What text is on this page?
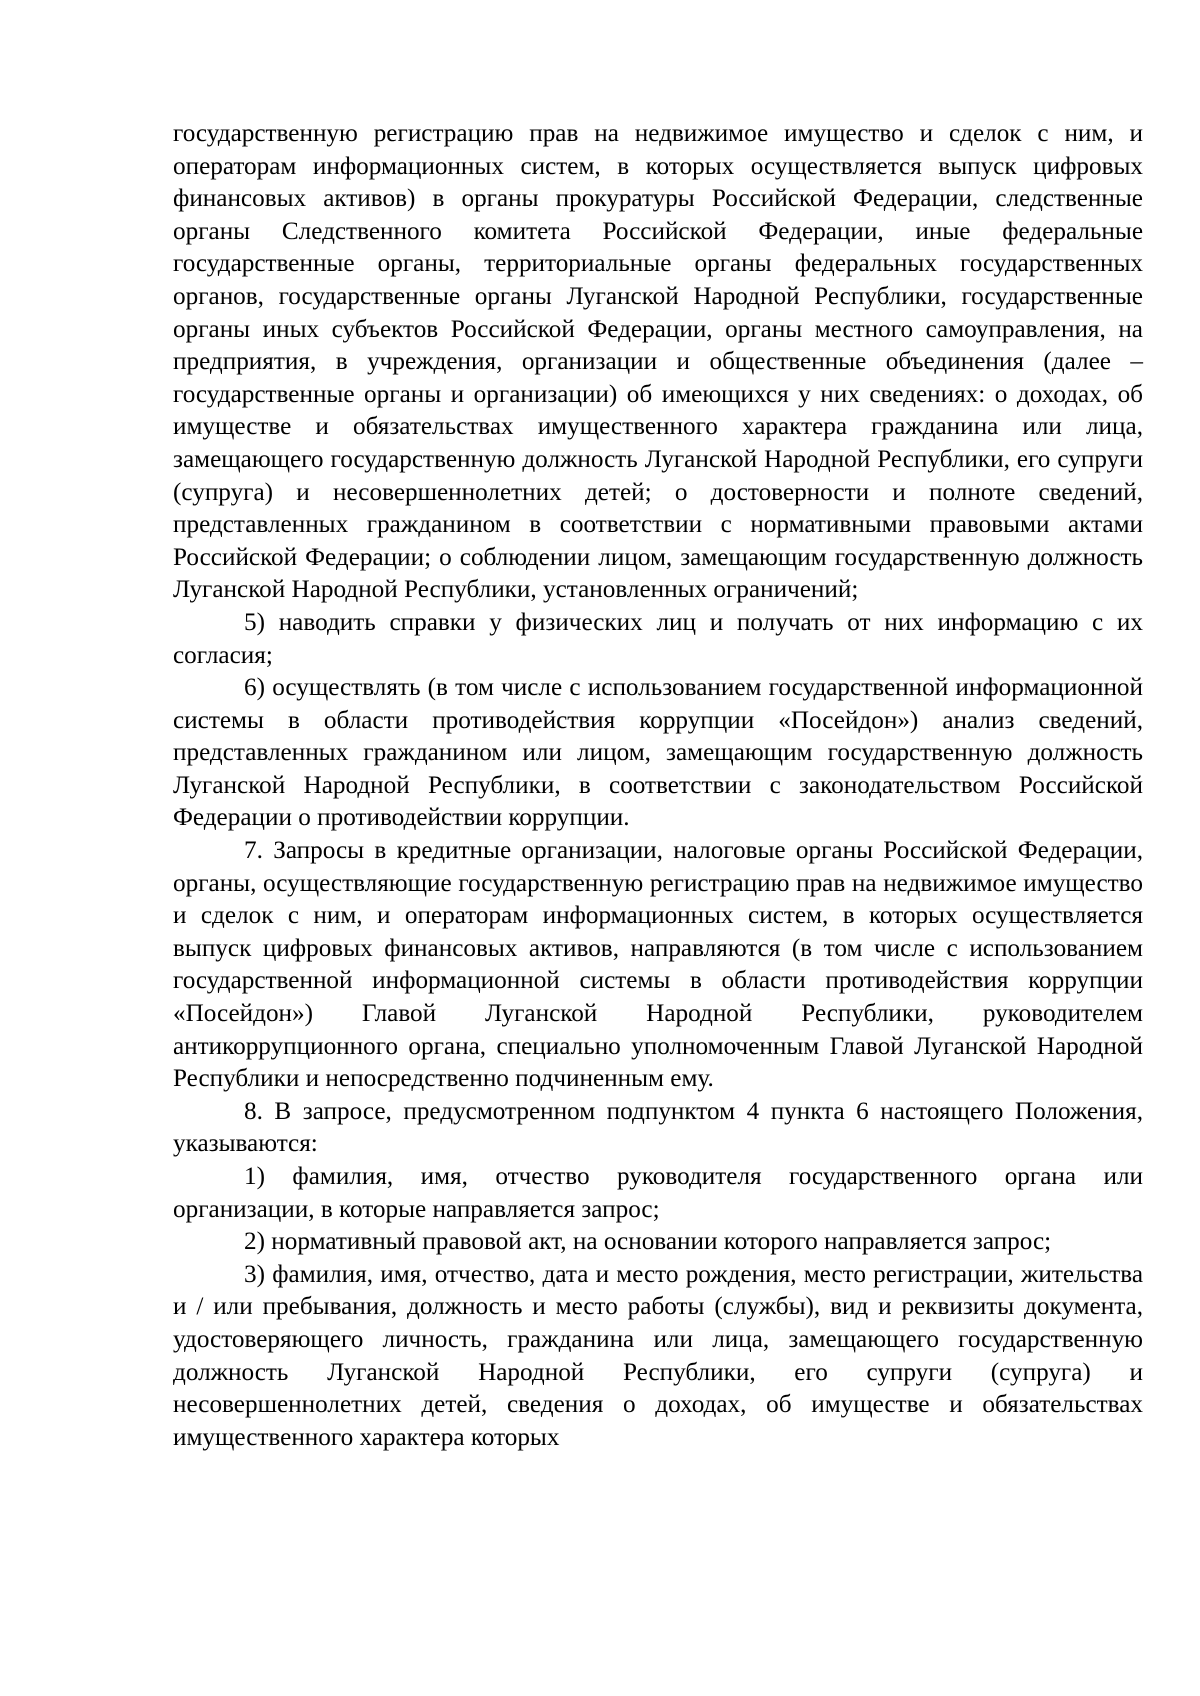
государственную регистрацию прав на недвижимое имущество и сделок с ним, и операторам информационных систем, в которых осуществляется выпуск цифровых финансовых активов) в органы прокуратуры Российской Федерации, следственные органы Следственного комитета Российской Федерации, иные федеральные государственные органы, территориальные органы федеральных государственных органов, государственные органы Луганской Народной Республики, государственные органы иных субъектов Российской Федерации, органы местного самоуправления, на предприятия, в учреждения, организации и общественные объединения (далее – государственные органы и организации) об имеющихся у них сведениях: о доходах, об имуществе и обязательствах имущественного характера гражданина или лица, замещающего государственную должность Луганской Народной Республики, его супруги (супруга) и несовершеннолетних детей; о достоверности и полноте сведений, представленных гражданином в соответствии с нормативными правовыми актами Российской Федерации; о соблюдении лицом, замещающим государственную должность Луганской Народной Республики, установленных ограничений;

5) наводить справки у физических лиц и получать от них информацию с их согласия;

6) осуществлять (в том числе с использованием государственной информационной системы в области противодействия коррупции «Посейдон») анализ сведений, представленных гражданином или лицом, замещающим государственную должность Луганской Народной Республики, в соответствии с законодательством Российской Федерации о противодействии коррупции.

7. Запросы в кредитные организации, налоговые органы Российской Федерации, органы, осуществляющие государственную регистрацию прав на недвижимое имущество и сделок с ним, и операторам информационных систем, в которых осуществляется выпуск цифровых финансовых активов, направляются (в том числе с использованием государственной информационной системы в области противодействия коррупции «Посейдон») Главой Луганской Народной Республики, руководителем антикоррупционного органа, специально уполномоченным Главой Луганской Народной Республики и непосредственно подчиненным ему.

8. В запросе, предусмотренном подпунктом 4 пункта 6 настоящего Положения, указываются:

1) фамилия, имя, отчество руководителя государственного органа или организации, в которые направляется запрос;

2) нормативный правовой акт, на основании которого направляется запрос;

3) фамилия, имя, отчество, дата и место рождения, место регистрации, жительства и / или пребывания, должность и место работы (службы), вид и реквизиты документа, удостоверяющего личность, гражданина или лица, замещающего государственную должность Луганской Народной Республики, его супруги (супруга) и несовершеннолетних детей, сведения о доходах, об имуществе и обязательствах имущественного характера которых
